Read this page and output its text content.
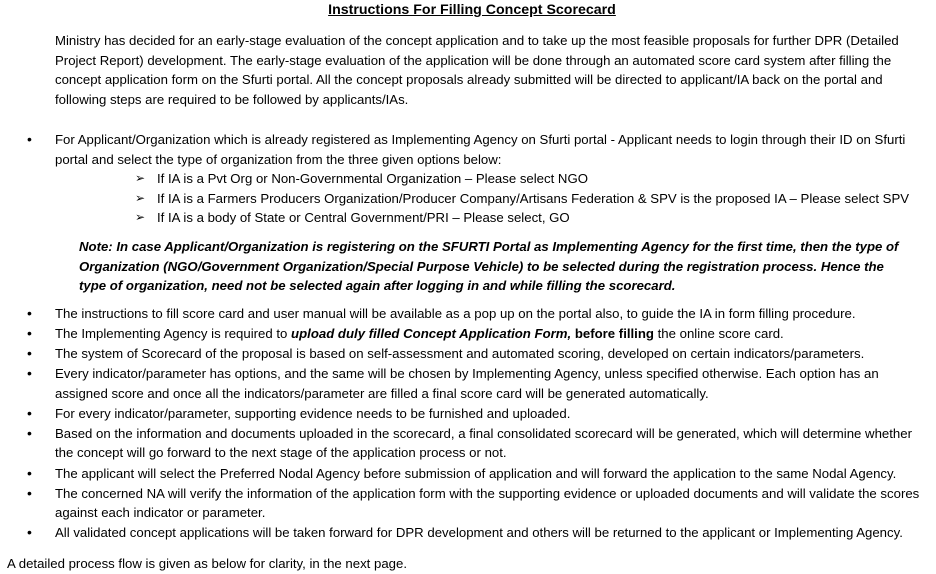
Instructions For Filling Concept Scorecard

Ministry has decided for an early-stage evaluation of the concept application and to take up the most feasible proposals for further DPR (Detailed Project Report) development. The early-stage evaluation of the application will be done through an automated score card system after filling the concept application form on the Sfurti portal. All the concept proposals already submitted will be directed to applicant/IA back on the portal and following steps are required to be followed by applicants/IAs.

• For Applicant/Organization which is already registered as Implementing Agency on Sfurti portal - Applicant needs to login through their ID on Sfurti portal and select the type of organization from the three given options below:
➢ If IA is a Pvt Org or Non-Governmental Organization – Please select NGO
➢ If IA is a Farmers Producers Organization/Producer Company/Artisans Federation & SPV is the proposed IA – Please select SPV
➢ If IA is a body of State or Central Government/PRI – Please select, GO
Note: In case Applicant/Organization is registering on the SFURTI Portal as Implementing Agency for the first time, then the type of Organization (NGO/Government Organization/Special Purpose Vehicle) to be selected during the registration process. Hence the type of organization, need not be selected again after logging in and while filling the scorecard.
• The instructions to fill score card and user manual will be available as a pop up on the portal also, to guide the IA in form filling procedure.
• The Implementing Agency is required to upload duly filled Concept Application Form, before filling the online score card.
• The system of Scorecard of the proposal is based on self-assessment and automated scoring, developed on certain indicators/parameters.
• Every indicator/parameter has options, and the same will be chosen by Implementing Agency, unless specified otherwise. Each option has an assigned score and once all the indicators/parameter are filled a final score card will be generated automatically.
• For every indicator/parameter, supporting evidence needs to be furnished and uploaded.
• Based on the information and documents uploaded in the scorecard, a final consolidated scorecard will be generated, which will determine whether the concept will go forward to the next stage of the application process or not.
• The applicant will select the Preferred Nodal Agency before submission of application and will forward the application to the same Nodal Agency.
• The concerned NA will verify the information of the application form with the supporting evidence or uploaded documents and will validate the scores against each indicator or parameter.
• All validated concept applications will be taken forward for DPR development and others will be returned to the applicant or Implementing Agency.

A detailed process flow is given as below for clarity, in the next page.
